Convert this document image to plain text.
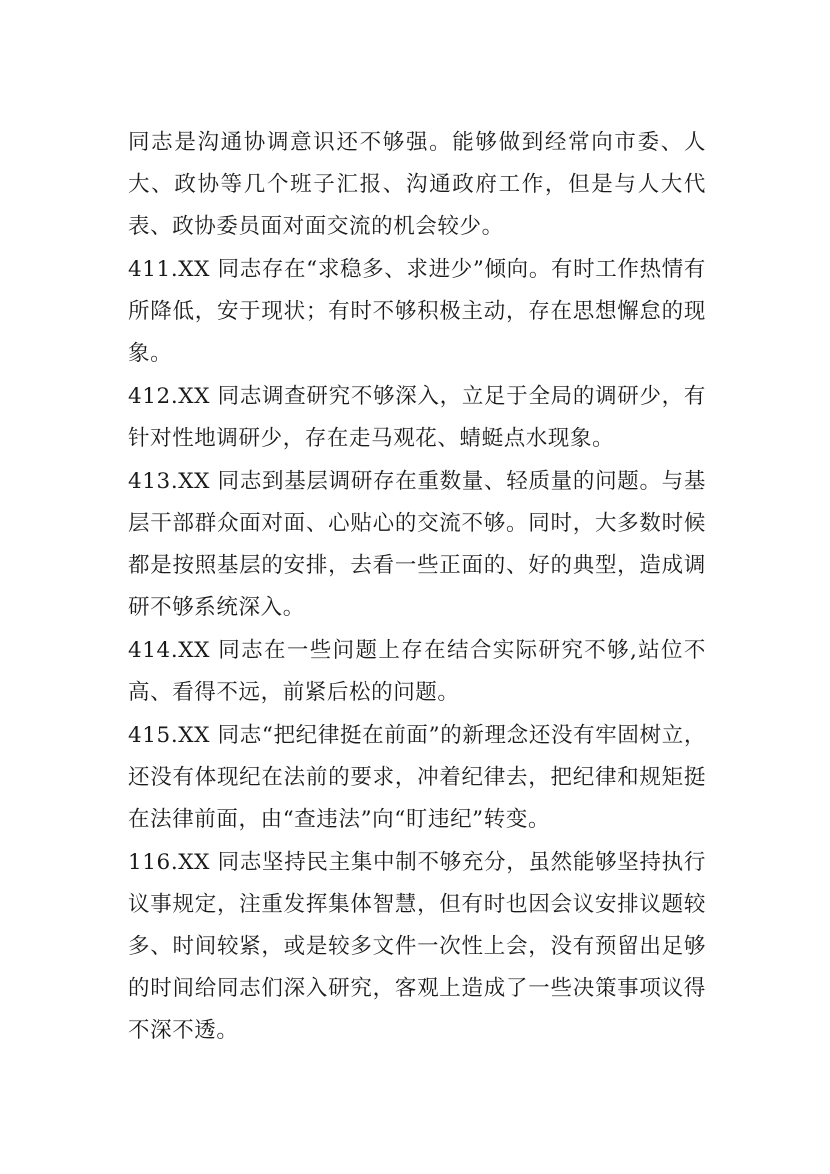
同志是沟通协调意识还不够强。能够做到经常向市委、人大、政协等几个班子汇报、沟通政府工作，但是与人大代表、政协委员面对面交流的机会较少。

411.XX 同志存在“求稳多、求进少”倾向。有时工作热情有所降低，安于现状；有时不够积极主动，存在思想懈怠的现象。

412.XX 同志调查研究不够深入，立足于全局的调研少，有针对性地调研少，存在走马观花、蜻蜓点水现象。

413.XX 同志到基层调研存在重数量、轻质量的问题。与基层干部群众面对面、心贴心的交流不够。同时，大多数时候都是按照基层的安排，去看一些正面的、好的典型，造成调研不够系统深入。

414.XX 同志在一些问题上存在结合实际研究不够,站位不高、看得不远，前紧后松的问题。

415.XX 同志“把纪律挺在前面”的新理念还没有牢固树立，还没有体现纪在法前的要求，冲着纪律去，把纪律和规矩挺在法律前面，由“查违法”向“盯违纪”转变。

116.XX 同志坚持民主集中制不够充分，虽然能够坚持执行议事规定，注重发挥集体智慧，但有时也因会议安排议题较多、时间较紧，或是较多文件一次性上会，没有预留出足够的时间给同志们深入研究，客观上造成了一些决策事项议得不深不透。
